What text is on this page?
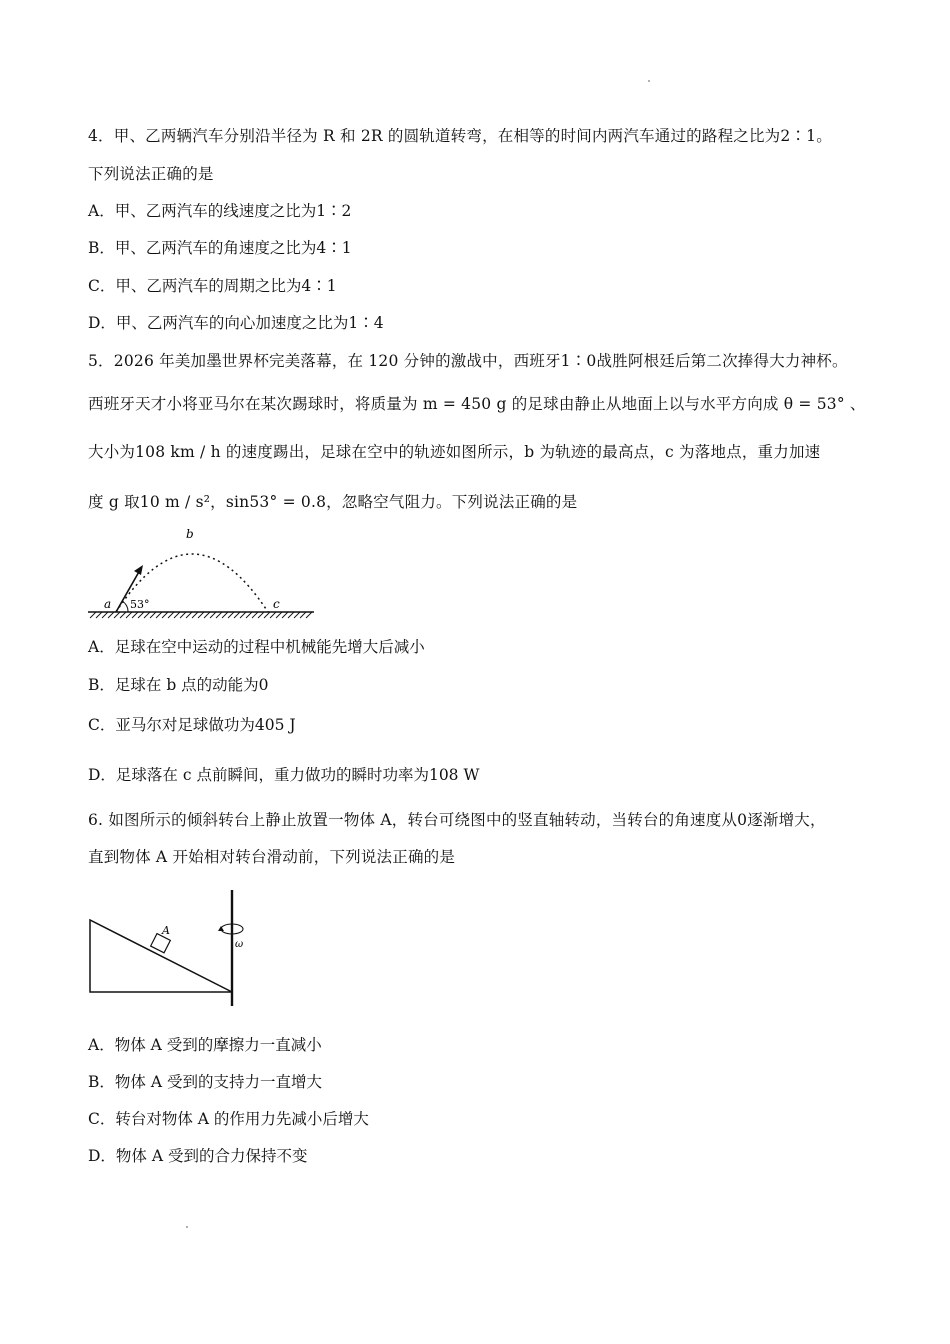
4．甲、乙两辆汽车分别沿半径为 R 和 2R 的圆轨道转弯，在相等的时间内两汽车通过的路程之比为2∶1。
下列说法正确的是
A．甲、乙两汽车的线速度之比为1∶2
B．甲、乙两汽车的角速度之比为4∶1
C．甲、乙两汽车的周期之比为4∶1
D．甲、乙两汽车的向心加速度之比为1∶4
5．2026 年美加墨世界杯完美落幕，在 120 分钟的激战中，西班牙1∶0战胜阿根廷后第二次捧得大力神杯。
西班牙天才小将亚马尔在某次踢球时，将质量为 m = 450 g 的足球由静止从地面上以与水平方向成 θ = 53° 、
大小为108 km / h 的速度踢出，足球在空中的轨迹如图所示，b 为轨迹的最高点，c 为落地点，重力加速
度 g 取10 m / s²，sin53° = 0.8，忽略空气阻力。下列说法正确的是
a 53°
b
c
A．足球在空中运动的过程中机械能先增大后减小
B．足球在 b 点的动能为0
C．亚马尔对足球做功为405 J
D．足球落在 c 点前瞬间，重力做功的瞬时功率为108 W
6. 如图所示的倾斜转台上静止放置一物体 A，转台可绕图中的竖直轴转动，当转台的角速度从0逐渐增大，
直到物体 A 开始相对转台滑动前，下列说法正确的是
A
ω
A．物体 A 受到的摩擦力一直减小
B．物体 A 受到的支持力一直增大
C．转台对物体 A 的作用力先减小后增大
D．物体 A 受到的合力保持不变
